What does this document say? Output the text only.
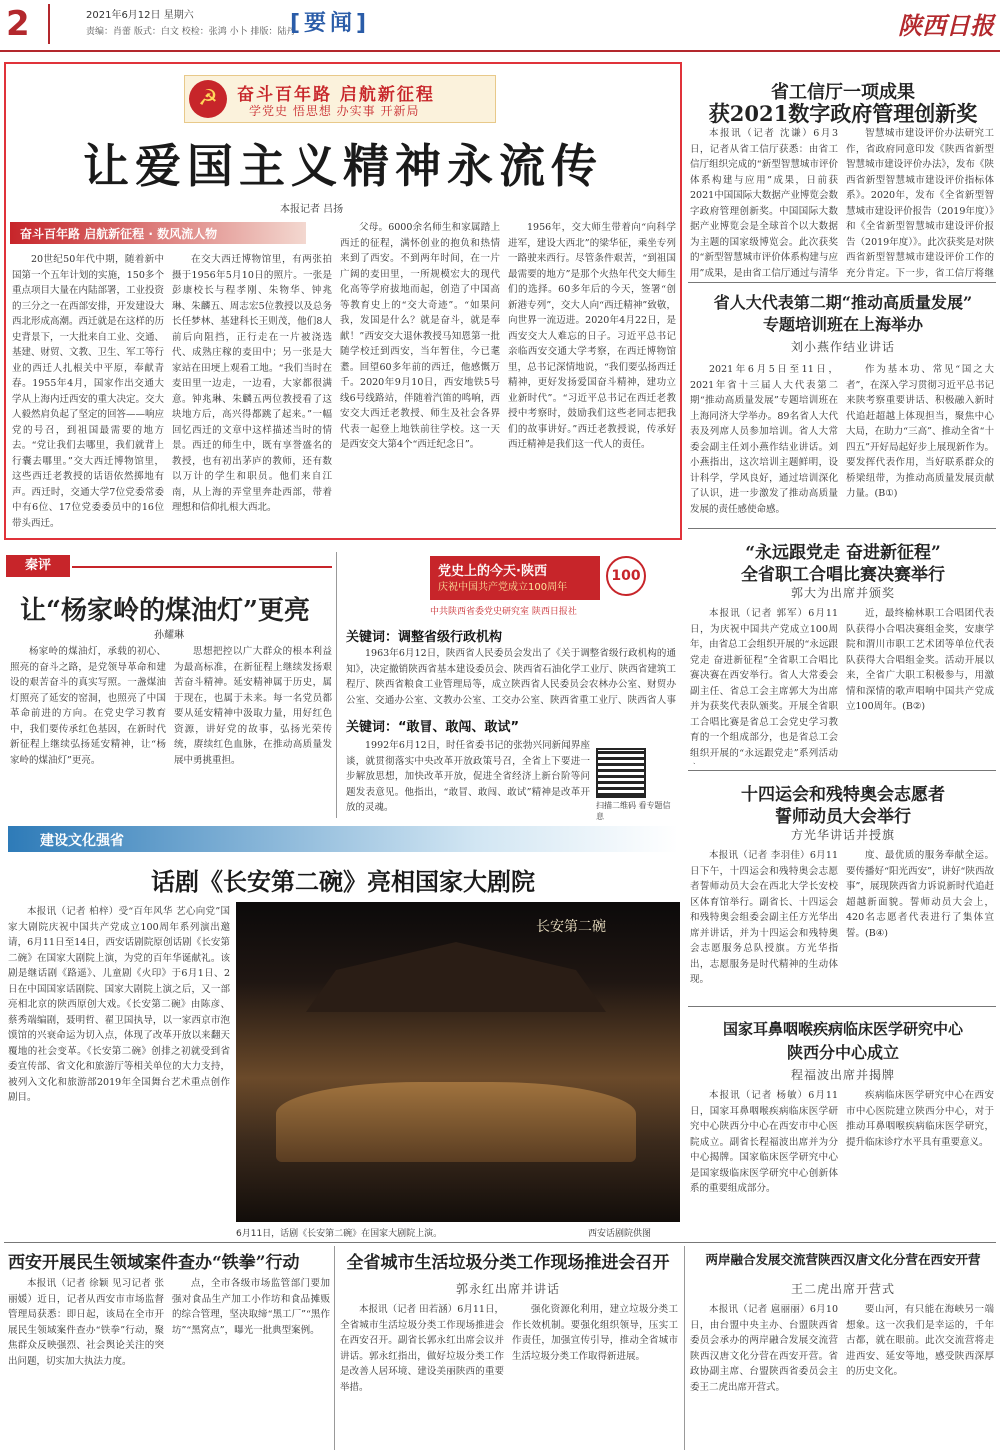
2	2021年6月12日 星期六
责编：肖蕾 版式：白文 校检：张鸿 小卜 排版：陆丹
[要闻]	陕西日报
☭	奋斗百年路 启航新征程
学党史 悟思想 办实事 开新局
让爱国主义精神永流传
本报记者 吕扬
奋斗百年路 启航新征程 · 数风流人物
20世纪50年代中期，随着新中国第一个五年计划的实施，150多个重点项目大量在内陆部署，工业投资的三分之一在西部安排，开发建设大西北形成高潮。西迁就是在这样的历史背景下，一大批来自工业、交通、基建、财贸、文教、卫生、军工等行业的西迁人扎根关中平原，奉献青春。1955年4月，国家作出交通大学从上海内迁西安的重大决定。交大人毅然肩负起了坚定的回答——响应党的号召，到祖国最需要的地方去。“党让我们去哪里，我们就背上行囊去哪里。”交大西迁博物馆里，这些西迁老教授的话语依然掷地有声。西迁时，交通大学7位党委常委中有6位、17位党委委员中的16位带头西迁。
在交大西迁博物馆里，有两张拍摄于1956年5月10日的照片。一张是彭康校长与程孝刚、朱物华、钟兆琳、朱麟五、周志宏5位教授以及总务长任梦林、基建科长王则茂，他们8人前后向阻挡，正行走在一片被浇选代、成熟庄稼的麦田中；另一张是大家站在田埂上观看工地。“我们当时在麦田里一边走，一边看，大家都很满意。钟兆琳、朱麟五两位教授看了这块地方后，高兴得都跳了起来。”一幅回忆西迁的文章中这样描述当时的情景。西迁的师生中，既有享誉盛名的教授，也有初出茅庐的教师，还有数以万计的学生和职员。他们来自江南，从上海的弄堂里奔赴西部，带着理想和信仰扎根大西北。
父母。6000余名师生和家属踏上西迁的征程，满怀创业的抱负和热情来到了西安。不到两年时间，在一片广阔的麦田里，一所规模宏大的现代化高等学府拔地而起，创造了中国高等教育史上的“交大奇迹”。“如果问我，发国是什么？就是奋斗，就是奉献！”西安交大退休教授马知恩第一批随学校迁到西安，当年暂住，今已耄耋。回望60多年前的西迁，他感慨万千。2020年9月10日，西安地铁5号线6号线路站，伴随着汽笛的鸣响，西安交大西迁老教授、师生及社会各界代表一起登上地铁前往学校。这一天是西安交大第4个“西迁纪念日”。
1956年，交大师生带着向“向科学进军，建设大西北”的梁华征，乘坐专列一路驶来西行。尽管条件艰苦，“到祖国最需要的地方”是那个火热年代交大师生们的选择。60多年后的今天，签署“创新港专列”，交大人向“西迁精神”致敬，向世界一流迈进。2020年4月22日，是西安交大人难忘的日子。习近平总书记亲临西安交通大学考察，在西迁博物馆里，总书记深情地说，“我们要弘扬西迁精神，更好发扬爱国奋斗精神，建功立业新时代”。“习近平总书记在西迁老教授中考察时，鼓励我们这些老同志把我们的故事讲好。”西迁老教授说，传承好西迁精神是我们这一代人的责任。
省工信厅一项成果
获2021数字政府管理创新奖
本报讯（记者 沈谦）6月3日，记者从省工信厅获悉：由省工信厅组织完成的“新型智慧城市评价体系构建与应用”成果，日前获2021中国国际大数据产业博览会数字政府管理创新奖。中国国际大数据产业博览会是全球首个以大数据为主题的国家级博览会。此次获奖的“新型智慧城市评价体系构建与应用”成果，是由省工信厅通过与清华
智慧城市建设评价办法研究工作，省政府同意印发《陕西省新型智慧城市建设评价办法》，发布《陕西省新型智慧城市建设评价指标体系》。2020年，发布《全省新型智慧城市建设评价报告（2019年度）》和《全省新型智慧城市建设评价报告（2019年度）》。此次获奖是对陕西省新型智慧城市建设评价工作的充分肯定。下一步，省工信厅将继
省人大代表第二期“推动高质量发展”
专题培训班在上海举办
刘小燕作结业讲话
2021年6月5日至11日，2021年省十三届人大代表第二期“推动高质量发展”专题培训班在上海同济大学举办。89名省人大代表及列席人员参加培训。省人大常委会副主任刘小燕作结业讲话。刘小燕指出，这次培训主题鲜明，设计科学，学风良好，通过培训深化了认识，进一步激发了推动高质量发展的责任感使命感。
作为基本功、常见“国之大者”，在深入学习贯彻习近平总书记来陕考察重要讲话、积极融入新时代追赶超越上体现担当，聚焦中心大局，在助力“三高”、推动全省“十四五”开好局起好步上展现新作为。要发挥代表作用，当好联系群众的桥梁纽带，为推动高质量发展贡献力量。(B①)
秦评
让“杨家岭的煤油灯”更亮
孙耀琳
杨家岭的煤油灯，承载的初心、照亮的奋斗之路，是党领导革命和建设的艰苦奋斗的真实写照。一盏煤油灯照亮了延安的窑洞，也照亮了中国革命前进的方向。在党史学习教育中，我们要传承红色基因，在新时代新征程上继续弘扬延安精神，让“杨家岭的煤油灯”更亮。
思想把控以广大群众的根本利益为最高标准，在新征程上继续发扬艰苦奋斗精神。延安精神属于历史，属于现在，也属于未来。每一名党员都要从延安精神中汲取力量，用好红色资源，讲好党的故事，弘扬光荣传统，赓续红色血脉，在推动高质量发展中勇挑重担。
党史上的今天·陕西
庆祝中国共产党成立100周年
100
中共陕西省委党史研究室 陕西日报社
关键词：调整省级行政机构
1963年6月12日，陕西省人民委员会发出了《关于调整省级行政机构的通知》，决定撤销陕西省基本建设委员会、陕西省石油化学工业厅、陕西省建筑工程厅、陕西省粮食工业管理局等，成立陕西省人民委员会农林办公室、财贸办公室、交通办公室、文教办公室、工交办公室、陕西省重工业厅、陕西省人事
关键词：“敢冒、敢闯、敢试”
1992年6月12日，时任省委书记的张勃兴同新闻界座谈，就贯彻落实中央改革开放政策号召，全省上下要进一步解放思想，加快改革开放，促进全省经济上新台阶等问题发表意见。他指出，“敢冒、敢闯、敢试”精神是改革开放的灵魂。	扫描二维码 看专题信息
“永远跟党走 奋进新征程”
全省职工合唱比赛决赛举行
郭大为出席并颁奖
本报讯（记者 郭军）6月11日，为庆祝中国共产党成立100周年，由省总工会组织开展的“永远跟党走 奋进新征程”全省职工合唱比赛决赛在西安举行。省人大常委会副主任、省总工会主席郭大为出席并为获奖代表队颁奖。开展全省职工合唱比赛是省总工会党史学习教育的一个组成部分，也是省总工会组织开展的“永远跟党走”系列活动
近，最终榆林职工合唱团代表队获得小合唱决赛组金奖，安康学院和渭川市职工艺术团等单位代表队获得大合唱组金奖。活动开展以来，全省广大职工积极参与，用激情和深情的歌声唱响中国共产党成立100周年。(B②)
十四运会和残特奥会志愿者
誓师动员大会举行
方光华讲话并授旗
本报讯（记者 李羽佳）6月11日下午，十四运会和残特奥会志愿者誓师动员大会在西北大学长安校区体育馆举行。副省长、十四运会和残特奥会组委会副主任方光华出席并讲话，并为十四运会和残特奥会志愿服务总队授旗。方光华指出，志愿服务是时代精神的生动体现。
度、最优质的服务奉献全运。要传播好“阳光西安”，讲好“陕西故事”，展现陕西省力诉说新时代追赶超越新面貌。誓师动员大会上，420名志愿者代表进行了集体宣誓。(B④)
国家耳鼻咽喉疾病临床医学研究中心
陕西分中心成立
程福波出席并揭牌
本报讯（记者 杨敏）6月11日，国家耳鼻咽喉疾病临床医学研究中心陕西分中心在西安市中心医院成立。副省长程福波出席并为分中心揭牌。国家临床医学研究中心是国家级临床医学研究中心创新体系的重要组成部分。
疾病临床医学研究中心在西安市中心医院建立陕西分中心，对于推动耳鼻咽喉疾病临床医学研究，提升临床诊疗水平具有重要意义。
建设文化强省
话剧《长安第二碗》亮相国家大剧院
本报讯（记者 柏梓）受“百年风华 艺心向党”国家大剧院庆祝中国共产党成立100周年系列演出邀请，6月11日至14日，西安话剧院原创话剧《长安第二碗》在国家大剧院上演，为党的百年华诞献礼。该剧是继话剧《路遥》、儿童剧《火印》于6月1日、2日在中国国家话剧院、国家大剧院上演之后，又一部亮相北京的陕西原创大戏。《长安第二碗》由陈彦、蔡秀端编剧，聂明哲、翟卫国执导，以一家西京市泡馍馆的兴衰命运为切入点，体现了改革开放以来翻天覆地的社会变革。《长安第二碗》创排之初就受到省委宣传部、省文化和旅游厅等相关单位的大力支持，被列入文化和旅游部2019年全国舞台艺术重点创作剧目。
长安第二碗
6月11日，话剧《长安第二碗》在国家大剧院上演。	西安话剧院供图
西安开展民生领域案件查办“铁拳”行动
本报讯（记者 徐颖 见习记者 张丽媛）近日，记者从西安市市场监督管理局获悉：即日起，该局在全市开展民生领域案件查办“铁拳”行动，聚焦群众反映强烈、社会舆论关注的突出问题，切实加大执法力度。
点，全市各级市场监管部门要加强对食品生产加工小作坊和食品摊贩的综合管理，坚决取缔“黑工厂”“黑作坊”“黑窝点”，曝光一批典型案例。
全省城市生活垃圾分类工作现场推进会召开
郭永红出席并讲话
本报讯（记者 田若涵）6月11日，全省城市生活垃圾分类工作现场推进会在西安召开。副省长郭永红出席会议并讲话。郭永红指出，做好垃圾分类工作是改善人居环境、建设美丽陕西的重要举措。
强化资源化利用，建立垃圾分类工作长效机制。要强化组织领导，压实工作责任，加强宣传引导，推动全省城市生活垃圾分类工作取得新进展。
两岸融合发展交流营陕西汉唐文化分营在西安开营
王二虎出席开营式
本报讯（记者 扈丽丽）6月10日，由台盟中央主办、台盟陕西省委员会承办的两岸融合发展交流营陕西汉唐文化分营在西安开营。省政协副主席、台盟陕西省委员会主委王二虎出席开营式。
要山河，有只能在海峡另一端想象。这一次我们是幸运的，千年古都，就在眼前。此次交流营将走进西安、延安等地，感受陕西深厚的历史文化。
